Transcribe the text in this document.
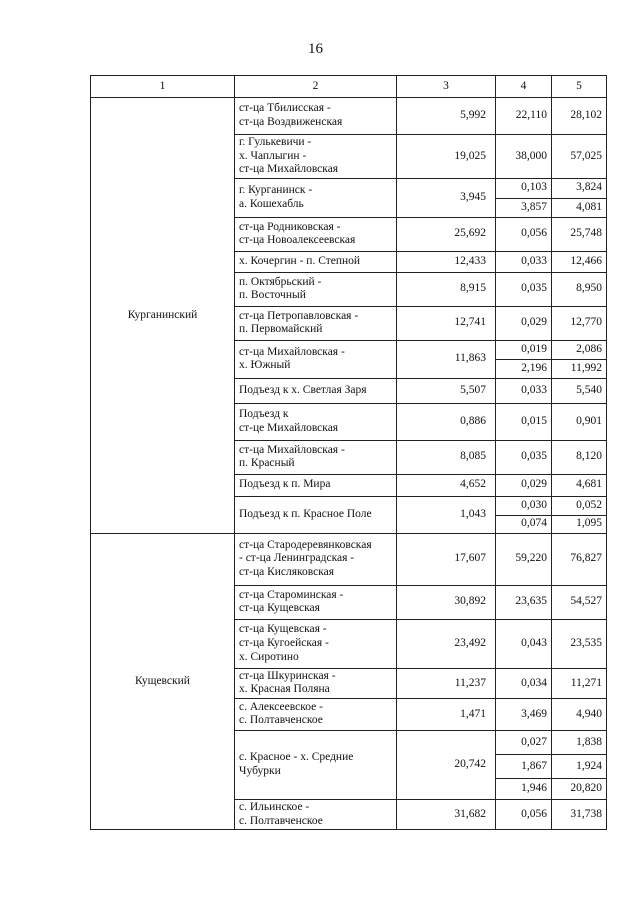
16
1	2	3	4	5
Курганинский	ст-ца Тбилисская -
ст-ца Воздвиженская	5,992	22,110	28,102
	г. Гулькевичи -
х. Чаплыгин -
ст-ца Михайловская	19,025	38,000	57,025
	г. Курганинск -
а. Кошехабль	3,945	0,103	3,824
			3,857	4,081
	ст-ца Родниковская -
ст-ца Новоалексеевская	25,692	0,056	25,748
	х. Кочергин - п. Степной	12,433	0,033	12,466
	п. Октябрьский -
п. Восточный	8,915	0,035	8,950
	ст-ца Петропавловская -
п. Первомайский	12,741	0,029	12,770
	ст-ца Михайловская -
х. Южный	11,863	0,019	2,086
			2,196	11,992
	Подъезд к х. Светлая Заря	5,507	0,033	5,540
	Подъезд к
ст-це Михайловская	0,886	0,015	0,901
	ст-ца Михайловская -
п. Красный	8,085	0,035	8,120
	Подъезд к п. Мира	4,652	0,029	4,681
	Подъезд к п. Красное Поле	1,043	0,030	0,052
			0,074	1,095
Кущевский	ст-ца Стародеревянковская
- ст-ца Ленинградская -
ст-ца Кисляковская	17,607	59,220	76,827
	ст-ца Староминская -
ст-ца Кущевская	30,892	23,635	54,527
	ст-ца Кущевская -
ст-ца Кугоейская -
х. Сиротино	23,492	0,043	23,535
	ст-ца Шкуринская -
х. Красная Поляна	11,237	0,034	11,271
	с. Алексеевское -
с. Полтавченское	1,471	3,469	4,940
	с. Красное - х. Средние
Чубурки	20,742	0,027	1,838
			1,867	1,924
			1,946	20,820
	с. Ильинское -
с. Полтавченское	31,682	0,056	31,738
